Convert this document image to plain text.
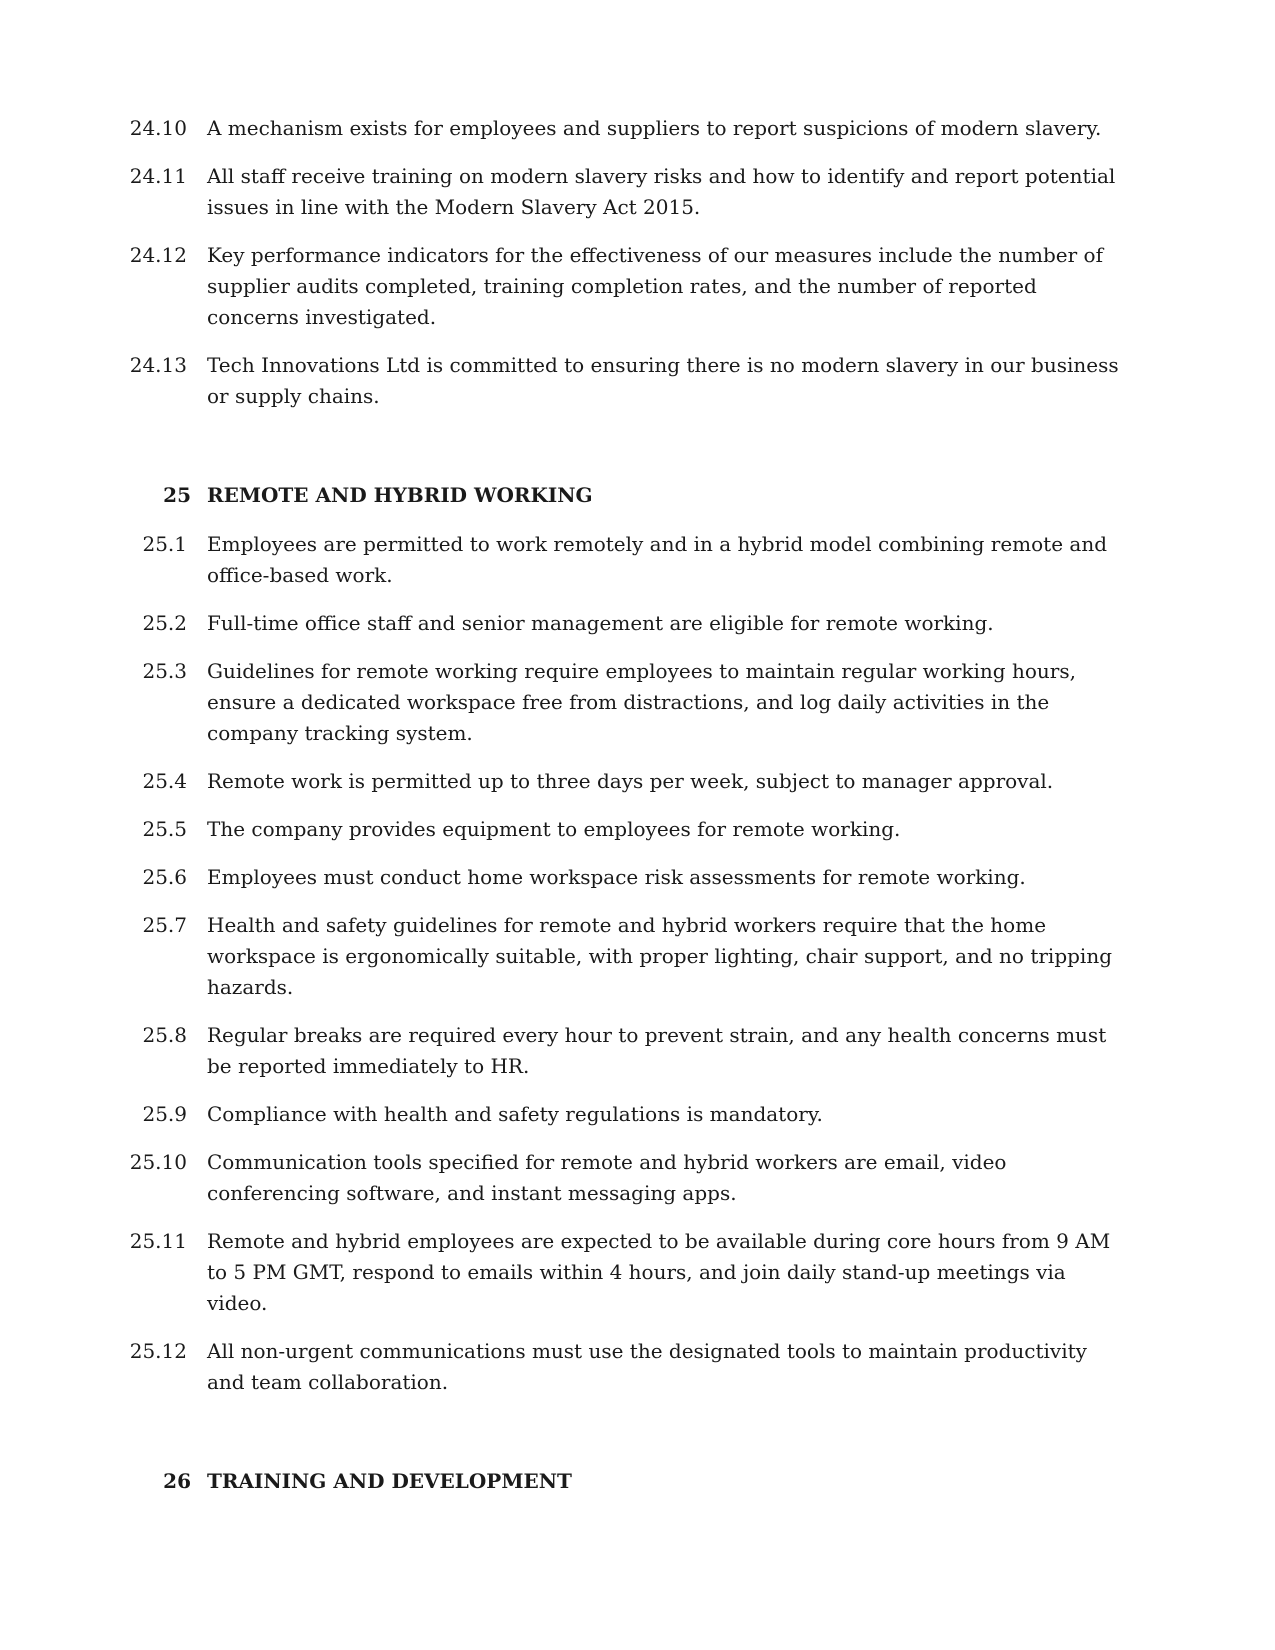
24.10 A mechanism exists for employees and suppliers to report suspicions of modern slavery.
24.11 All staff receive training on modern slavery risks and how to identify and report potential issues in line with the Modern Slavery Act 2015.
24.12 Key performance indicators for the effectiveness of our measures include the number of supplier audits completed, training completion rates, and the number of reported concerns investigated.
24.13 Tech Innovations Ltd is committed to ensuring there is no modern slavery in our business or supply chains.
25 REMOTE AND HYBRID WORKING
25.1 Employees are permitted to work remotely and in a hybrid model combining remote and office-based work.
25.2 Full-time office staff and senior management are eligible for remote working.
25.3 Guidelines for remote working require employees to maintain regular working hours, ensure a dedicated workspace free from distractions, and log daily activities in the company tracking system.
25.4 Remote work is permitted up to three days per week, subject to manager approval.
25.5 The company provides equipment to employees for remote working.
25.6 Employees must conduct home workspace risk assessments for remote working.
25.7 Health and safety guidelines for remote and hybrid workers require that the home workspace is ergonomically suitable, with proper lighting, chair support, and no tripping hazards.
25.8 Regular breaks are required every hour to prevent strain, and any health concerns must be reported immediately to HR.
25.9 Compliance with health and safety regulations is mandatory.
25.10 Communication tools specified for remote and hybrid workers are email, video conferencing software, and instant messaging apps.
25.11 Remote and hybrid employees are expected to be available during core hours from 9 AM to 5 PM GMT, respond to emails within 4 hours, and join daily stand-up meetings via video.
25.12 All non-urgent communications must use the designated tools to maintain productivity and team collaboration.
26 TRAINING AND DEVELOPMENT
